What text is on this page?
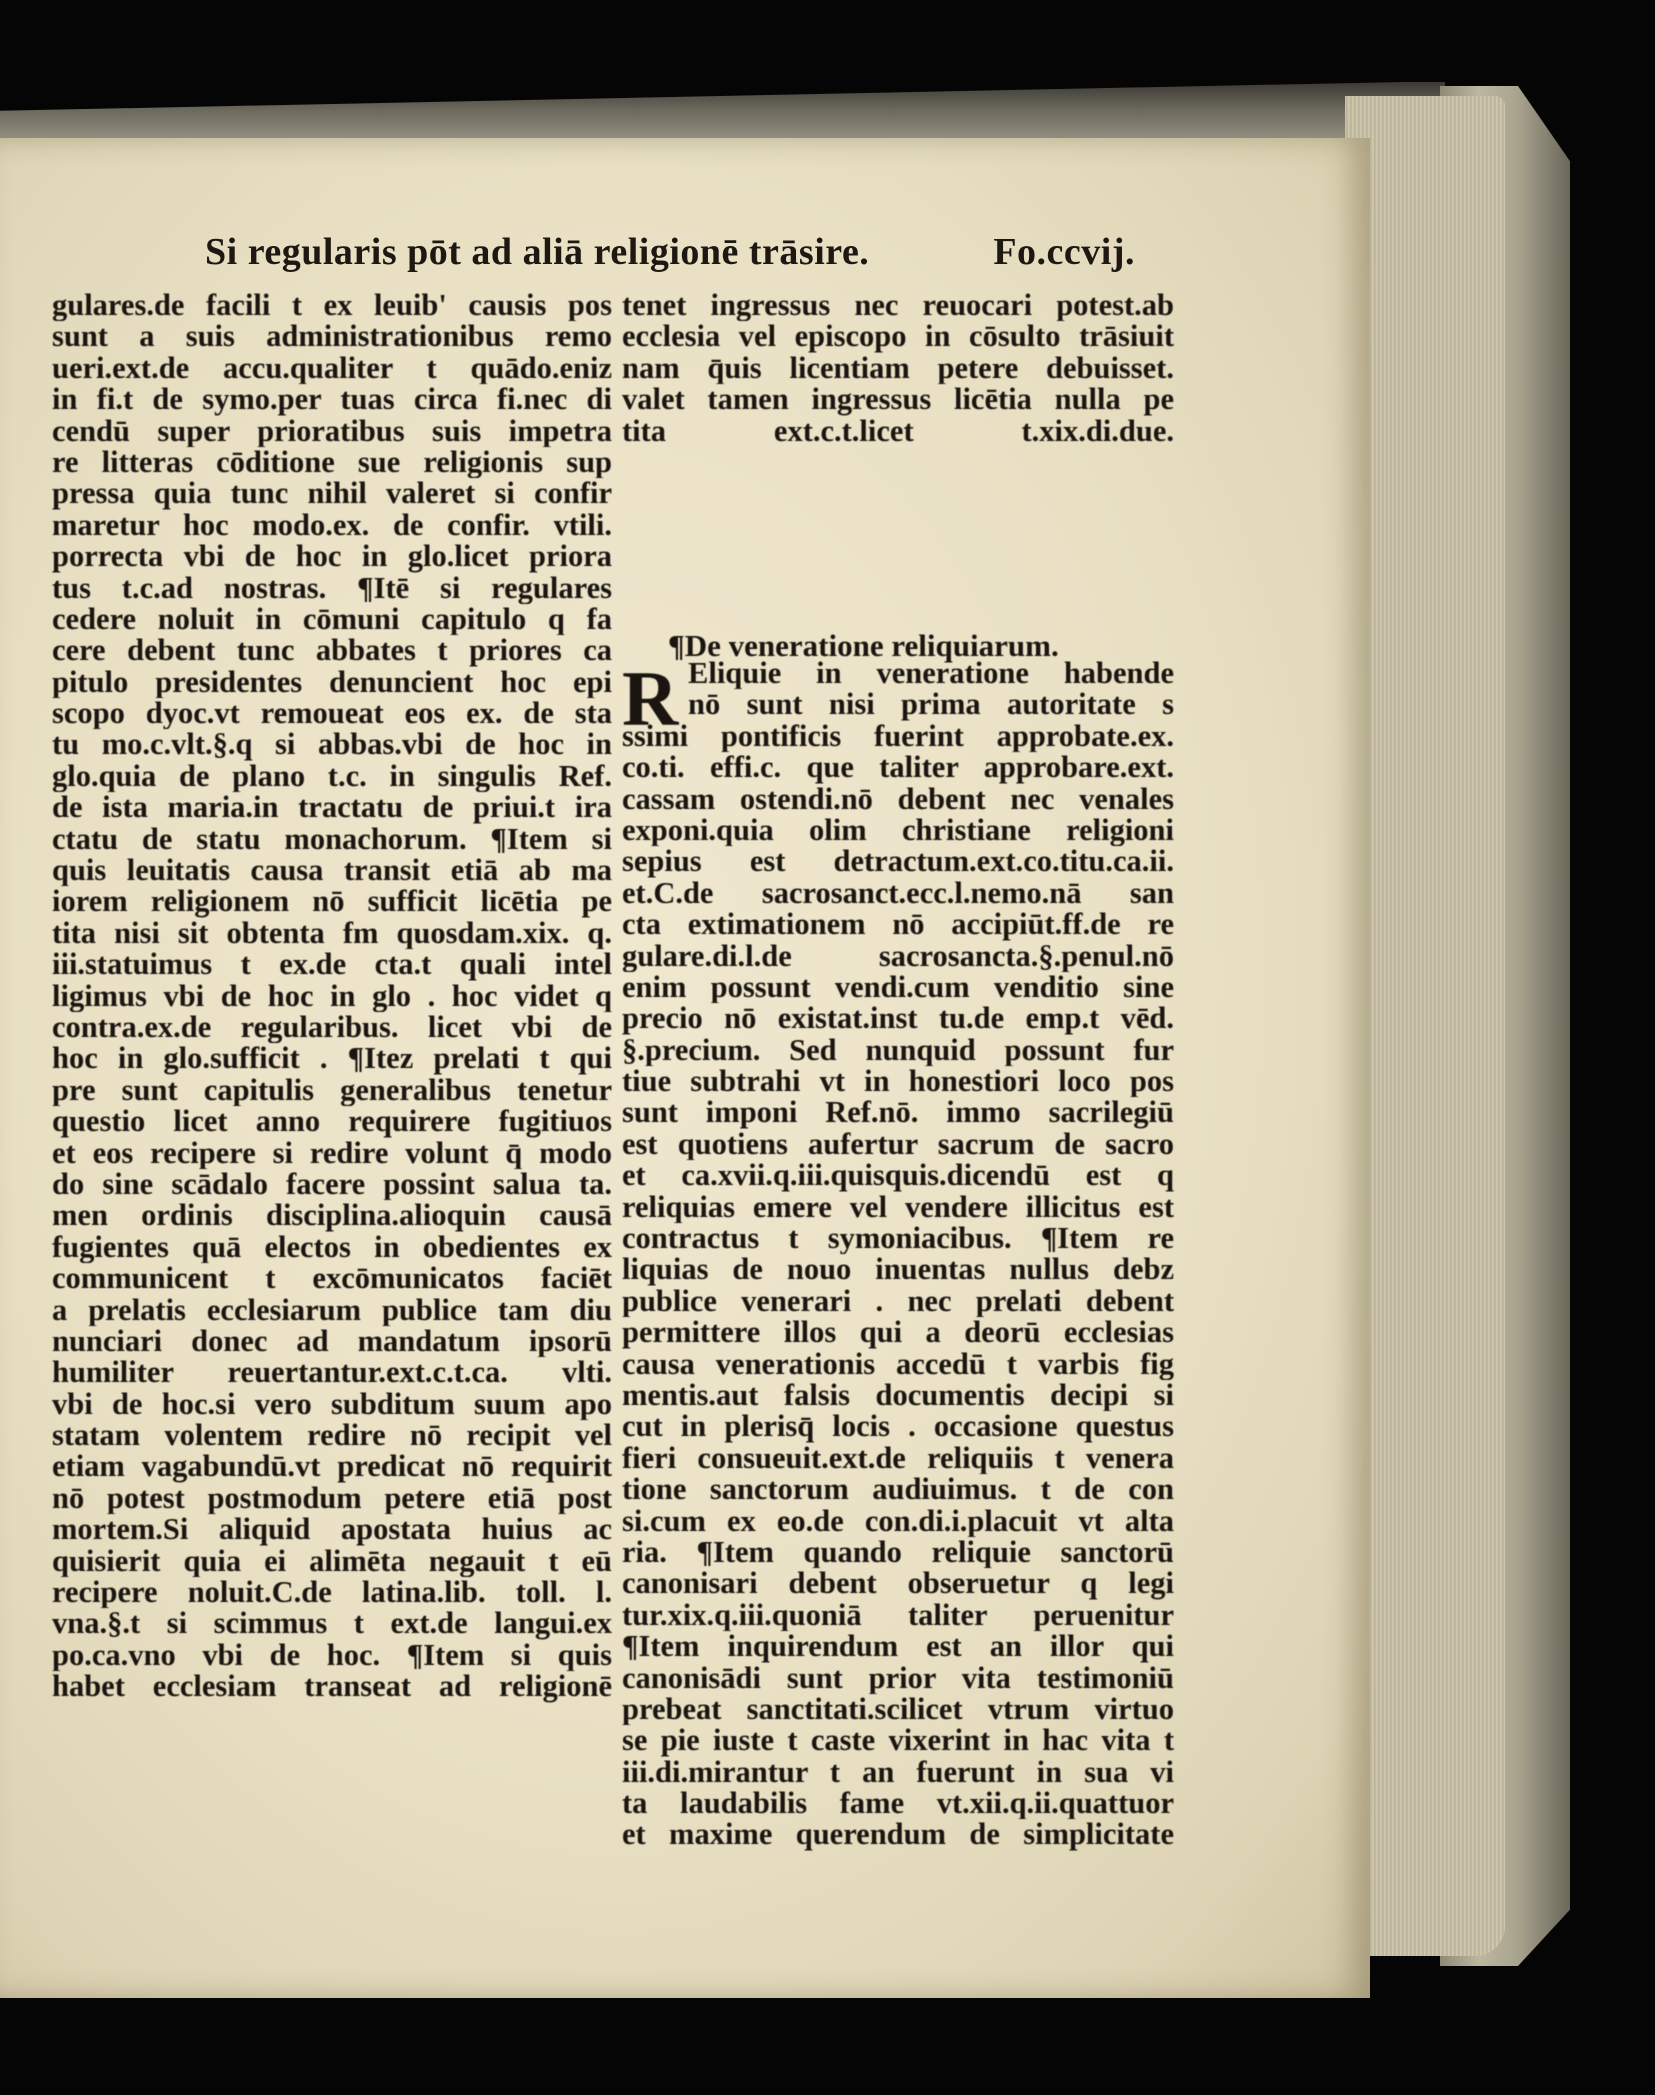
Si regularis pōt ad aliā religionē trāsire.	Fo.ccvij.
gulares.de facili t ex leuib' causis pos
sunt a suis administrationibus remo
ueri.ext.de accu.qualiter t quādo.eniz
in fi.t de symo.per tuas circa fi.nec di
cendū super prioratibus suis impetra
re litteras cōditione sue religionis sup
pressa quia tunc nihil valeret si confir
maretur hoc modo.ex. de confir. vtili.
porrecta vbi de hoc in glo.licet priora
tus t.c.ad nostras. ¶Itē si regulares
cedere noluit in cōmuni capitulo q fa
cere debent tunc abbates t priores ca
pitulo presidentes denuncient hoc epi
scopo dyoc.vt remoueat eos ex. de sta
tu mo.c.vlt.§.q si abbas.vbi de hoc in
glo.quia de plano t.c. in singulis Ref.
de ista maria.in tractatu de priui.t ira
ctatu de statu monachorum. ¶Item si
quis leuitatis causa transit etiā ab ma
iorem religionem nō sufficit licētia pe
tita nisi sit obtenta fm quosdam.xix. q.
iii.statuimus t ex.de cta.t quali intel
ligimus vbi de hoc in glo . hoc videt q
contra.ex.de regularibus. licet vbi de
hoc in glo.sufficit . ¶Itez prelati t qui
pre sunt capitulis generalibus tenetur
questio licet anno requirere fugitiuos
et eos recipere si redire volunt q̄ modo
do sine scādalo facere possint salua ta.
men ordinis disciplina.alioquin causā
fugientes quā electos in obedientes ex
communicent t excōmunicatos faciēt
a prelatis ecclesiarum publice tam diu
nunciari donec ad mandatum ipsorū
humiliter reuertantur.ext.c.t.ca. vlti.
vbi de hoc.si vero subditum suum apo
statam volentem redire nō recipit vel
etiam vagabundū.vt predicat nō requirit
nō potest postmodum petere etiā post
mortem.Si aliquid apostata huius ac
quisierit quia ei alimēta negauit t eū
recipere noluit.C.de latina.lib. toll. l.
vna.§.t si scimmus t ext.de langui.ex
po.ca.vno vbi de hoc. ¶Item si quis
habet ecclesiam transeat ad religionē
tenet ingressus nec reuocari potest.ab
ecclesia vel episcopo in cōsulto trāsiuit
nam q̄uis licentiam petere debuisset.
valet tamen ingressus licētia nulla pe
tita ext.c.t.licet t.xix.di.due.
¶De veneratione reliquiarum.
R Eliquie in veneratione habende
nō sunt nisi prima autoritate s
ssimi pontificis fuerint approbate.ex.
co.ti. effi.c. que taliter approbare.ext.
cassam ostendi.nō debent nec venales
exponi.quia olim christiane religioni
sepius est detractum.ext.co.titu.ca.ii.
et.C.de sacrosanct.ecc.l.nemo.nā san
cta extimationem nō accipiūt.ff.de re
gulare.di.l.de sacrosancta.§.penul.nō
enim possunt vendi.cum venditio sine
precio nō existat.inst tu.de emp.t vēd.
§.precium. Sed nunquid possunt fur
tiue subtrahi vt in honestiori loco pos
sunt imponi Ref.nō. immo sacrilegiū
est quotiens aufertur sacrum de sacro
et ca.xvii.q.iii.quisquis.dicendū est q
reliquias emere vel vendere illicitus est
contractus t symoniacibus. ¶Item re
liquias de nouo inuentas nullus debz
publice venerari . nec prelati debent
permittere illos qui a deorū ecclesias
causa venerationis accedū t varbis fig
mentis.aut falsis documentis decipi si
cut in plerisq̄ locis . occasione questus
fieri consueuit.ext.de reliquiis t venera
tione sanctorum audiuimus. t de con
si.cum ex eo.de con.di.i.placuit vt alta
ria. ¶Item quando reliquie sanctorū
canonisari debent obseruetur q legi
tur.xix.q.iii.quoniā taliter peruenitur
¶Item inquirendum est an illor qui
canonisādi sunt prior vita testimoniū
prebeat sanctitati.scilicet vtrum virtuo
se pie iuste t caste vixerint in hac vita t
iii.di.mirantur t an fuerunt in sua vi
ta laudabilis fame vt.xii.q.ii.quattuor
et maxime querendum de simplicitate
